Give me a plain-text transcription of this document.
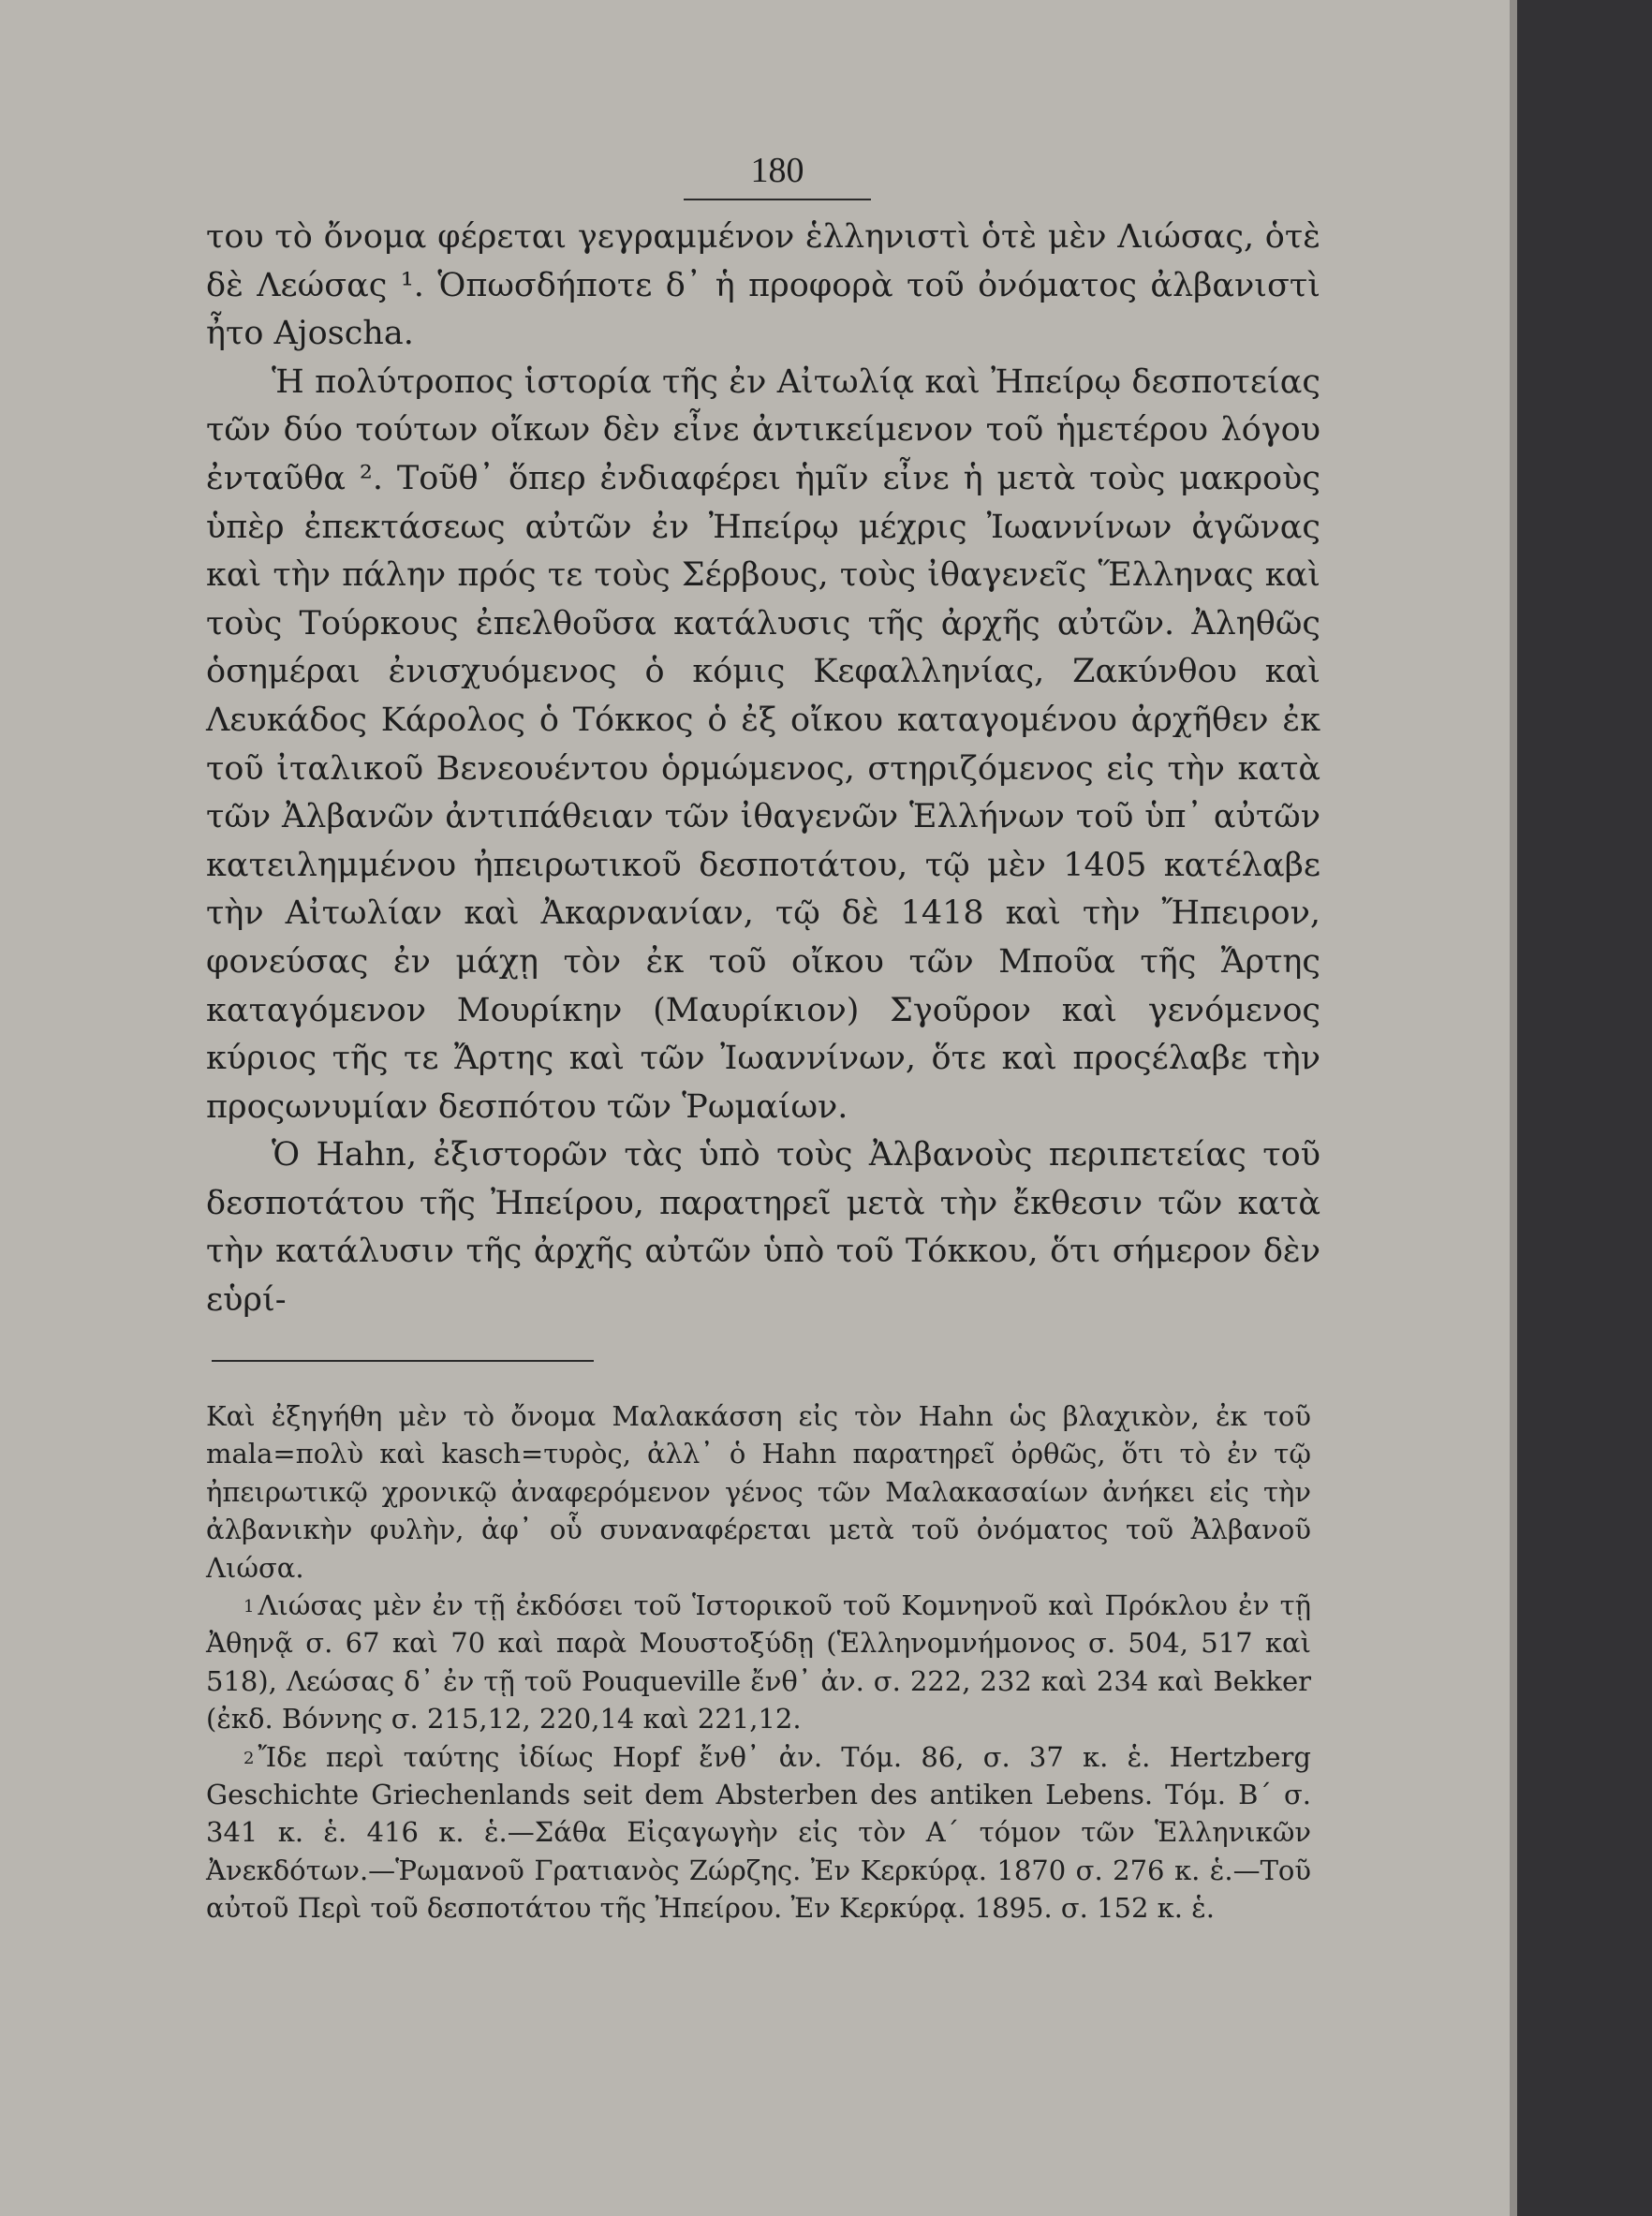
180

του τὸ ὄνομα φέρεται γεγραμμένον ἑλληνιστὶ ὁτὲ μὲν Λιώσας, ὁτὲ δὲ Λεώσας ¹. Ὁπωσδήποτε δ᾿ ἡ προφορὰ τοῦ ὀνόματος ἀλβανιστὶ ἦτο Ajoscha.

Ἡ πολύτροπος ἱστορία τῆς ἐν Αἰτωλίᾳ καὶ Ἠπείρῳ δεσποτείας τῶν δύο τούτων οἴκων δὲν εἶνε ἀντικείμενον τοῦ ἡμετέρου λόγου ἐνταῦθα ². Τοῦθ᾿ ὅπερ ἐνδιαφέρει ἡμῖν εἶνε ἡ μετὰ τοὺς μακροὺς ὑπὲρ ἐπεκτάσεως αὐτῶν ἐν Ἠπείρῳ μέχρις Ἰωαννίνων ἀγῶνας καὶ τὴν πάλην πρός τε τοὺς Σέρβους, τοὺς ἰθαγενεῖς Ἕλληνας καὶ τοὺς Τούρκους ἐπελθοῦσα κατάλυσις τῆς ἀρχῆς αὐτῶν. Ἀληθῶς ὁσημέραι ἐνισχυόμενος ὁ κόμις Κεφαλληνίας, Ζακύνθου καὶ Λευκάδος Κάρολος ὁ Τόκκος ὁ ἐξ οἴκου καταγομένου ἀρχῆθεν ἐκ τοῦ ἰταλικοῦ Βενεουέντου ὁρμώμενος, στηριζόμενος εἰς τὴν κατὰ τῶν Ἀλβανῶν ἀντιπάθειαν τῶν ἰθαγενῶν Ἑλλήνων τοῦ ὑπ᾿ αὐτῶν κατειλημμένου ἠπειρωτικοῦ δεσποτάτου, τῷ μὲν 1405 κατέλαβε τὴν Αἰτωλίαν καὶ Ἀκαρνανίαν, τῷ δὲ 1418 καὶ τὴν Ἤπειρον, φονεύσας ἐν μάχῃ τὸν ἐκ τοῦ οἴκου τῶν Μποῦα τῆς Ἄρτης καταγόμενον Μουρίκην (Μαυρίκιον) Σγοῦρον καὶ γενόμενος κύριος τῆς τε Ἄρτης καὶ τῶν Ἰωαννίνων, ὅτε καὶ προςέλαβε τὴν προςωνυμίαν δεσπότου τῶν Ῥωμαίων.

Ὁ Hahn, ἐξιστορῶν τὰς ὑπὸ τοὺς Ἀλβανοὺς περιπετείας τοῦ δεσποτάτου τῆς Ἠπείρου, παρατηρεῖ μετὰ τὴν ἔκθεσιν τῶν κατὰ τὴν κατάλυσιν τῆς ἀρχῆς αὐτῶν ὑπὸ τοῦ Τόκκου, ὅτι σήμερον δὲν εὑρί-

Καὶ ἐξηγήθη μὲν τὸ ὄνομα Μαλακάσση εἰς τὸν Hahn ὡς βλαχικὸν, ἐκ τοῦ mala=πολὺ καὶ kasch=τυρὸς, ἀλλ᾿ ὁ Hahn παρατηρεῖ ὀρθῶς, ὅτι τὸ ἐν τῷ ἠπειρωτικῷ χρονικῷ ἀναφερόμενον γένος τῶν Μαλακασαίων ἀνήκει εἰς τὴν ἀλβανικὴν φυλὴν, ἀφ᾿ οὗ συναναφέρεται μετὰ τοῦ ὀνόματος τοῦ Ἀλβανοῦ Λιώσα.

$^1$ Λιώσας μὲν ἐν τῇ ἐκδόσει τοῦ Ἱστορικοῦ τοῦ Κομνηνοῦ καὶ Πρόκλου ἐν τῇ Ἀθηνᾷ σ. 67 καὶ 70 καὶ παρὰ Μουστοξύδῃ (Ἑλληνομνήμονος σ. 504, 517 καὶ 518), Λεώσας δ᾿ ἐν τῇ τοῦ Pouqueville ἔνθ᾿ ἀν. σ. 222, 232 καὶ 234 καὶ Bekker (ἐκδ. Βόννης σ. 215,12, 220,14 καὶ 221,12.

$^2$ Ἴδε περὶ ταύτης ἰδίως Hopf ἔνθ᾿ ἀν. Τόμ. 86, σ. 37 κ. ἑ. Hertzberg Geschichte Griechenlands seit dem Absterben des antiken Lebens. Τόμ. Β΄ σ. 341 κ. ἑ. 416 κ. ἑ.—Σάθα Εἰςαγωγὴν εἰς τὸν Α΄ τόμον τῶν Ἑλληνικῶν Ἀνεκδότων.—Ῥωμανοῦ Γρατιανὸς Ζώρζης. Ἐν Κερκύρᾳ. 1870 σ. 276 κ. ἑ.—Τοῦ αὐτοῦ Περὶ τοῦ δεσποτάτου τῆς Ἠπείρου. Ἐν Κερκύρᾳ. 1895. σ. 152 κ. ἑ.
